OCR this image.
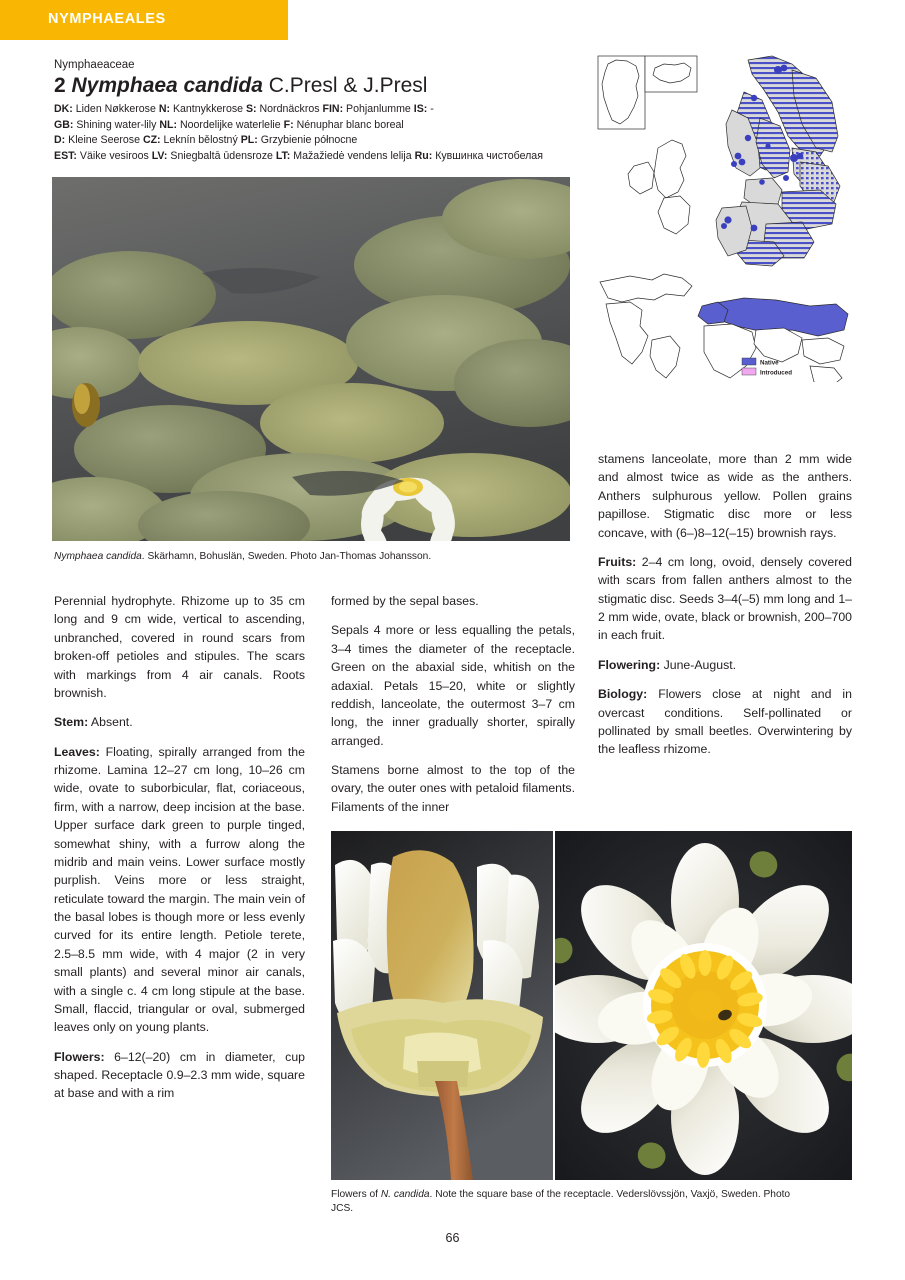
NYMPHAEALES
Nymphaeaceae
2 Nymphaea candida C.Presl & J.Presl
DK: Liden Nøkkerose N: Kantnykkerose S: Nordnäckros FIN: Pohjanlumme IS: -
GB: Shining water-lily NL: Noordelijke waterlelie F: Nénuphar blanc boreal
D: Kleine Seerose CZ: Leknín bělostný PL: Grzybienie północne
EST: Väike vesiroos LV: Sniegbaltā ūdensroze LT: Mažažiedė vendens lelija Ru: Кувшинка чистобелая
Native
Introduced
Nymphaea candida. Skärhamn, Bohuslän, Sweden. Photo Jan-Thomas Johansson.

Perennial hydrophyte. Rhizome up to 35 cm long and 9 cm wide, vertical to ascending, unbranched, covered in round scars from broken-off petioles and stipules. The scars with markings from 4 air canals. Roots brownish.

Stem: Absent.

Leaves: Floating, spirally arranged from the rhizome. Lamina 12–27 cm long, 10–26 cm wide, ovate to suborbicular, flat, coriaceous, firm, with a narrow, deep incision at the base. Upper surface dark green to purple tinged, somewhat shiny, with a furrow along the midrib and main veins. Lower surface mostly purplish. Veins more or less straight, reticulate toward the margin. The main vein of the basal lobes is though more or less evenly curved for its entire length. Petiole terete, 2.5–8.5 mm wide, with 4 major (2 in very small plants) and several minor air canals, with a single c. 4 cm long stipule at the base. Small, flaccid, triangular or oval, submerged leaves only on young plants.

Flowers: 6–12(–20) cm in diameter, cup shaped. Receptacle 0.9–2.3 mm wide, square at base and with a rim

formed by the sepal bases.

Sepals 4 more or less equalling the petals, 3–4 times the diameter of the receptacle. Green on the abaxial side, whitish on the adaxial. Petals 15–20, white or slightly reddish, lanceolate, the outermost 3–7 cm long, the inner gradually shorter, spirally arranged.

Stamens borne almost to the top of the ovary, the outer ones with petaloid filaments. Filaments of the inner

stamens lanceolate, more than 2 mm wide and almost twice as wide as the anthers. Anthers sulphurous yellow. Pollen grains papillose. Stigmatic disc more or less concave, with (6–)8–12(–15) brownish rays.

Fruits: 2–4 cm long, ovoid, densely covered with scars from fallen anthers almost to the stigmatic disc. Seeds 3–4(–5) mm long and 1–2 mm wide, ovate, black or brownish, 200–700 in each fruit.

Flowering: June-August.

Biology: Flowers close at night and in overcast conditions. Self-pollinated or pollinated by small beetles. Overwintering by the leafless rhizome.

Flowers of N. candida. Note the square base of the receptacle. Vederslövssjön, Vaxjö, Sweden. Photo JCS.
66
